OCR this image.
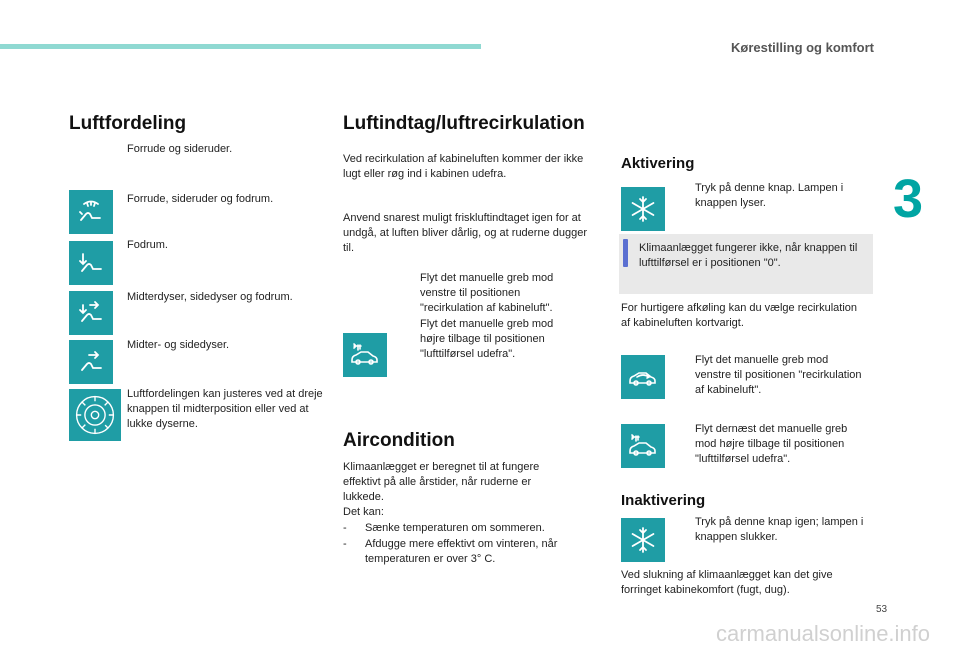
Kørestilling og komfort
3
Luftfordeling
Forrude og sideruder.
Forrude, sideruder og fodrum.
Fodrum.
Midterdyser, sidedyser og fodrum.
Midter- og sidedyser.
Luftfordelingen kan justeres ved at dreje knappen til midterposition eller ved at lukke dyserne.
Luftindtag/luftrecirkulation
Ved recirkulation af kabineluften kommer der ikke lugt eller røg ind i kabinen udefra.
Anvend snarest muligt friskluftindtaget igen for at undgå, at luften bliver dårlig, og at ruderne dugger til.
Flyt det manuelle greb mod venstre til positionen "recirkulation af kabineluft".
Flyt det manuelle greb mod højre tilbage til positionen "lufttilførsel udefra".
Aircondition
Klimaanlægget er beregnet til at fungere effektivt på alle årstider, når ruderne er lukkede.
Det kan:
-	Sænke temperaturen om sommeren.
-	Afdugge mere effektivt om vinteren, når temperaturen er over 3° C.
Aktivering
Tryk på denne knap. Lampen i knappen lyser.
Klimaanlægget fungerer ikke, når knappen til lufttilførsel er i positionen "0".
For hurtigere afkøling kan du vælge recirkulation af kabineluften kortvarigt.
Flyt det manuelle greb mod venstre til positionen "recirkulation af kabineluft".
Flyt dernæst det manuelle greb mod højre tilbage til positionen "lufttilførsel udefra".
Inaktivering
Tryk på denne knap igen; lampen i knappen slukker.
Ved slukning af klimaanlægget kan det give forringet kabinekomfort (fugt, dug).
53
carmanualsonline.info
